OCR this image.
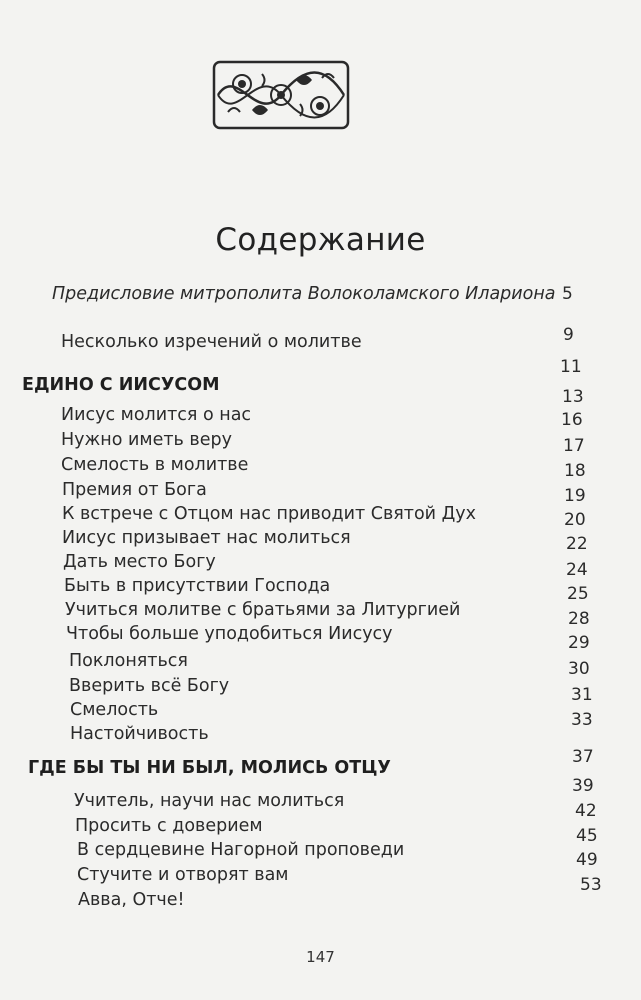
Содержание
Предисловие митрополита Волоколамского Илариона
Несколько изречений о молитве
ЕДИНО С ИИСУСОМ
Иисус молится о нас
Нужно иметь веру
Смелость в молитве
Премия от Бога
К встрече с Отцом нас приводит Святой Дух
Иисус призывает нас молиться
Дать место Богу
Быть в присутствии Господа
Учиться молитве с братьями за Литургией
Чтобы больше уподобиться Иисусу
Поклоняться
Вверить всё Богу
Смелость
Настойчивость
ГДЕ БЫ ТЫ НИ БЫЛ, МОЛИСЬ ОТЦУ
Учитель, научи нас молиться
Просить с доверием
В сердцевине Нагорной проповеди
Стучите и отворят вам
Авва, Отче!
5
9
11
13
16
17
18
19
20
22
24
25
28
29
30
31
33
37
39
42
45
49
53
147
